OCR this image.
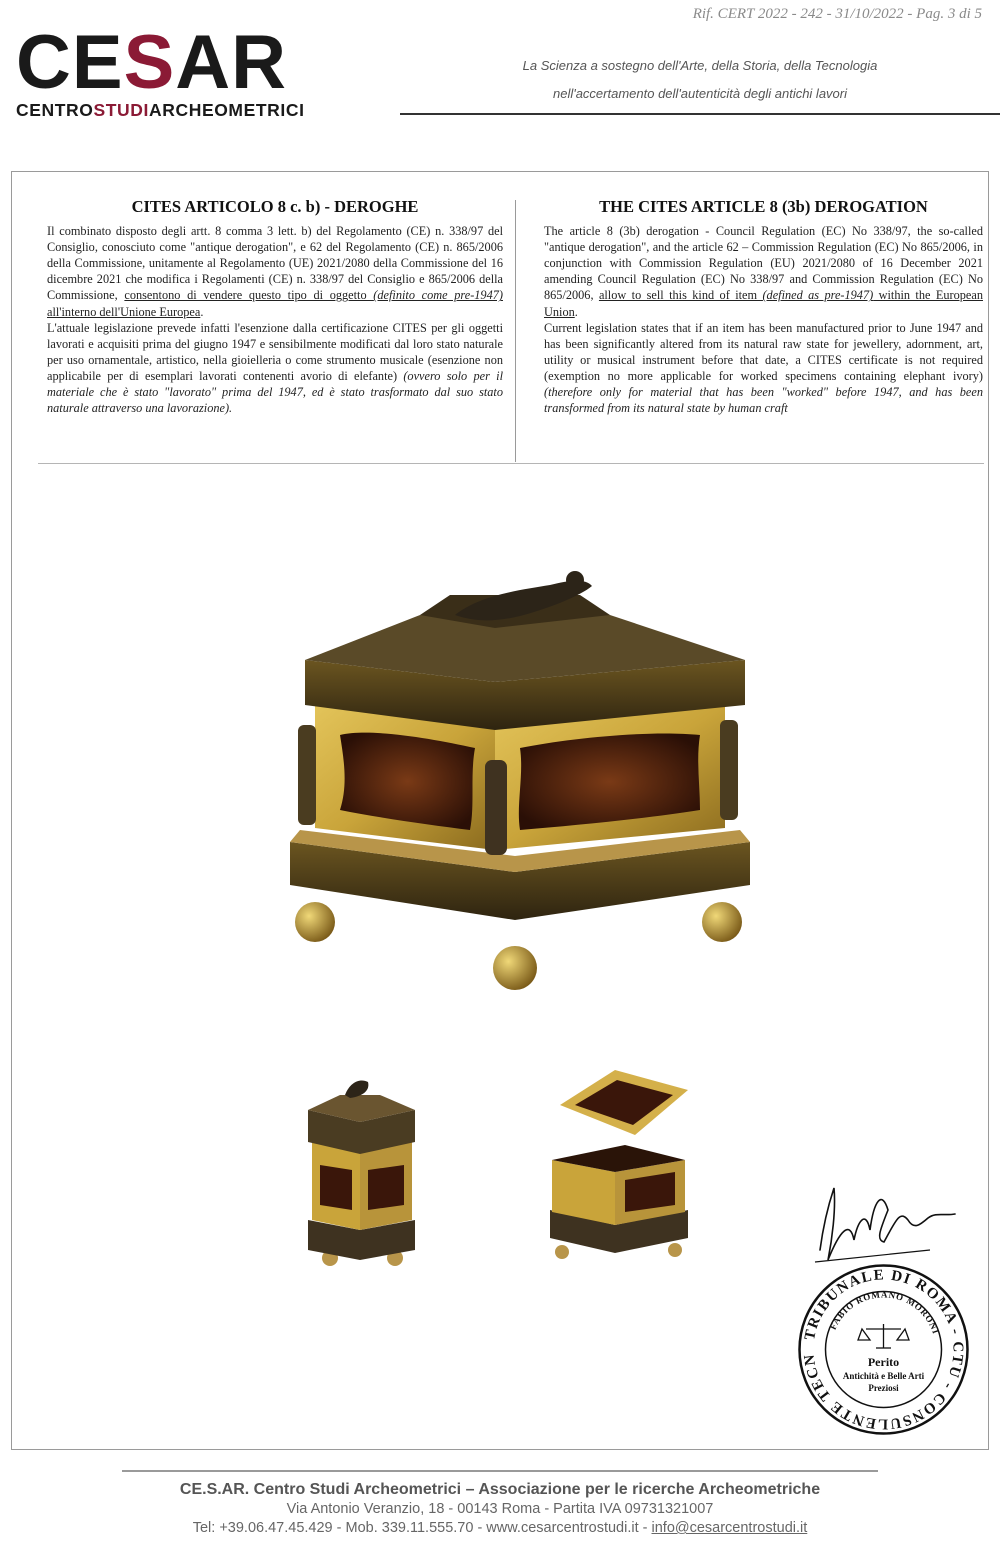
Rif. CERT 2022 - 242 - 31/10/2022 - Pag. 3 di 5
CESAR
CENTROSTUDIARCHEOMETRICI
La Scienza a sostegno dell'Arte, della Storia, della Tecnologia
nell'accertamento dell'autenticità degli antichi lavori
CITES ARTICOLO 8 c. b) - DEROGHE

Il combinato disposto degli artt. 8 comma 3 lett. b) del Regolamento (CE) n. 338/97 del Consiglio, conosciuto come "antique derogation", e 62 del Regolamento (CE) n. 865/2006 della Commissione, unitamente al Regolamento (UE) 2021/2080 della Commissione del 16 dicembre 2021 che modifica i Regolamenti (CE) n. 338/97 del Consiglio e 865/2006 della Commissione, consentono di vendere questo tipo di oggetto (definito come pre-1947) all'interno dell'Unione Europea.

L'attuale legislazione prevede infatti l'esenzione dalla certificazione CITES per gli oggetti lavorati e acquisiti prima del giugno 1947 e sensibilmente modificati dal loro stato naturale per uso ornamentale, artistico, nella gioielleria o come strumento musicale (esenzione non applicabile per di esemplari lavorati contenenti avorio di elefante) (ovvero solo per il materiale che è stato "lavorato" prima del 1947, ed è stato trasformato dal suo stato naturale attraverso una lavorazione).

THE CITES ARTICLE 8 (3b) DEROGATION

The article 8 (3b) derogation - Council Regulation (EC) No 338/97, the so-called "antique derogation", and the article 62 – Commission Regulation (EC) No 865/2006, in conjunction with Commission Regulation (EU) 2021/2080 of 16 December 2021 amending Council Regulation (EC) No 338/97 and Commission Regulation (EC) No 865/2006, allow to sell this kind of item (defined as pre-1947) within the European Union.

Current legislation states that if an item has been manufactured prior to June 1947 and has been significantly altered from its natural raw state for jewellery, adornment, art, utility or musical instrument before that date, a CITES certificate is not required (exemption no more applicable for worked specimens containing elephant ivory) (therefore only for material that has been "worked" before 1947, and has been transformed from its natural state by human craft

TRIBUNALE DI ROMA - CTU - CONSULENTE TECN
FABIO ROMANO MORONI
Perito
Antichità e Belle Arti
Preziosi
CE.S.AR. Centro Studi Archeometrici – Associazione per le ricerche Archeometriche
Via Antonio Veranzio, 18 - 00143 Roma - Partita IVA 09731321007
Tel: +39.06.47.45.429 - Mob. 339.11.555.70 - www.cesarcentrostudi.it - info@cesarcentrostudi.it
